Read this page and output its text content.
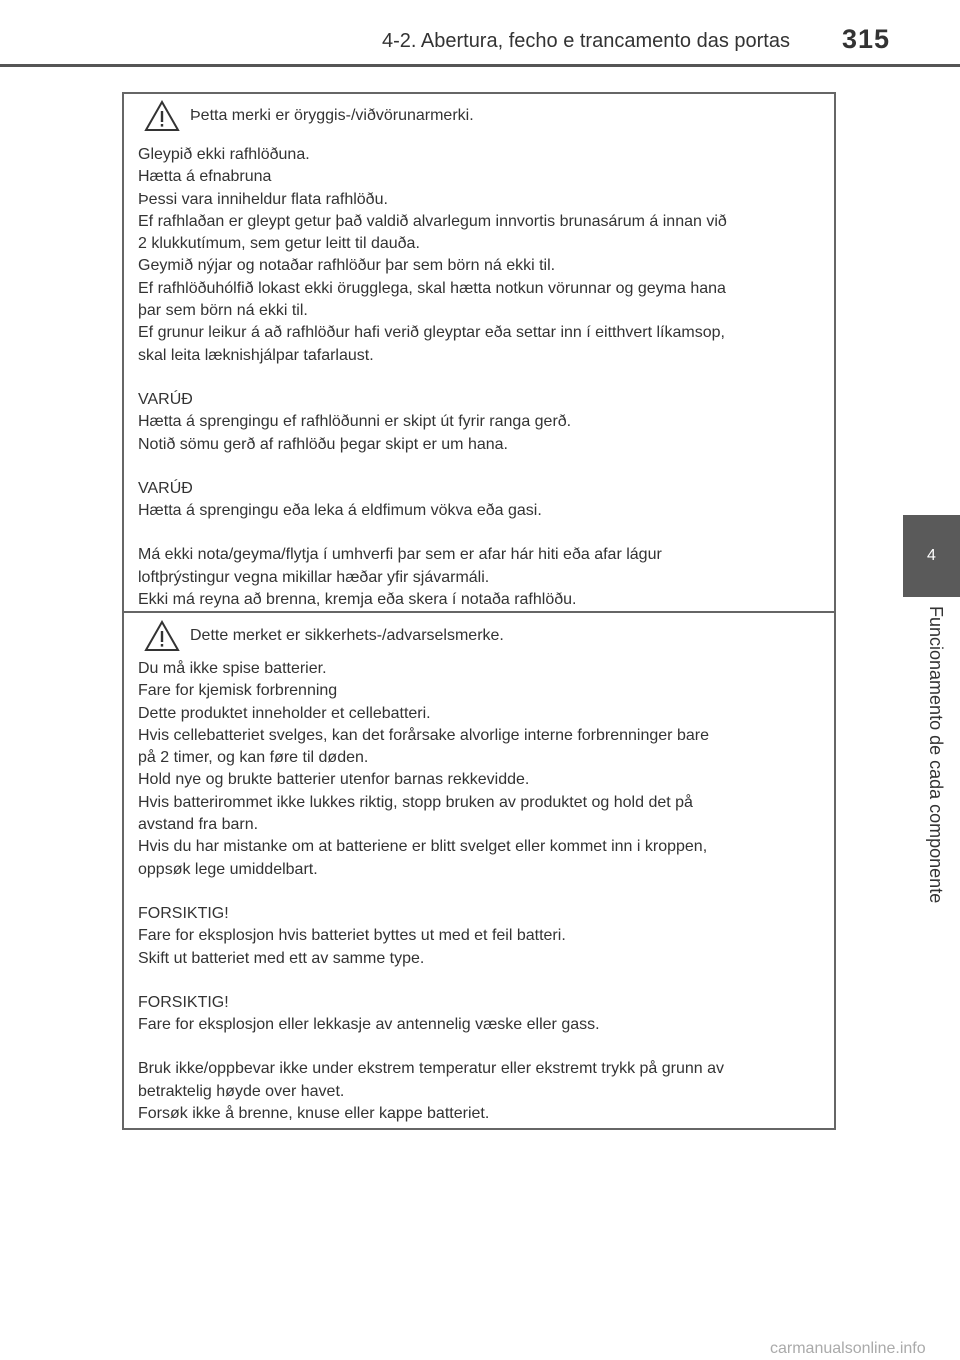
4-2. Abertura, fecho e trancamento das portas 315
4
Funcionamento de cada componente
Þetta merki er öryggis-/viðvörunarmerki.
Gleypið ekki rafhlöðuna.
Hætta á efnabruna
Þessi vara inniheldur flata rafhlöðu.
Ef rafhlaðan er gleypt getur það valdið alvarlegum innvortis brunasárum á innan við
2 klukkutímum, sem getur leitt til dauða.
Geymið nýjar og notaðar rafhlöður þar sem börn ná ekki til.
Ef rafhlöðuhólfið lokast ekki örugglega, skal hætta notkun vörunnar og geyma hana
þar sem börn ná ekki til.
Ef grunur leikur á að rafhlöður hafi verið gleyptar eða settar inn í eitthvert líkamsop,
skal leita læknishjálpar tafarlaust.
VARÚÐ
Hætta á sprengingu ef rafhlöðunni er skipt út fyrir ranga gerð.
Notið sömu gerð af rafhlöðu þegar skipt er um hana.
VARÚÐ
Hætta á sprengingu eða leka á eldfimum vökva eða gasi.
Má ekki nota/geyma/flytja í umhverfi þar sem er afar hár hiti eða afar lágur
loftþrýstingur vegna mikillar hæðar yfir sjávarmáli.
Ekki má reyna að brenna, kremja eða skera í notaða rafhlöðu.
Dette merket er sikkerhets-/advarselsmerke.
Du må ikke spise batterier.
Fare for kjemisk forbrenning
Dette produktet inneholder et cellebatteri.
Hvis cellebatteriet svelges, kan det forårsake alvorlige interne forbrenninger bare
på 2 timer, og kan føre til døden.
Hold nye og brukte batterier utenfor barnas rekkevidde.
Hvis batterirommet ikke lukkes riktig, stopp bruken av produktet og hold det på
avstand fra barn.
Hvis du har mistanke om at batteriene er blitt svelget eller kommet inn i kroppen,
oppsøk lege umiddelbart.
FORSIKTIG!
Fare for eksplosjon hvis batteriet byttes ut med et feil batteri.
Skift ut batteriet med ett av samme type.
FORSIKTIG!
Fare for eksplosjon eller lekkasje av antennelig væske eller gass.
Bruk ikke/oppbevar ikke under ekstrem temperatur eller ekstremt trykk på grunn av
betraktelig høyde over havet.
Forsøk ikke å brenne, knuse eller kappe batteriet.
carmanualsonline.info
